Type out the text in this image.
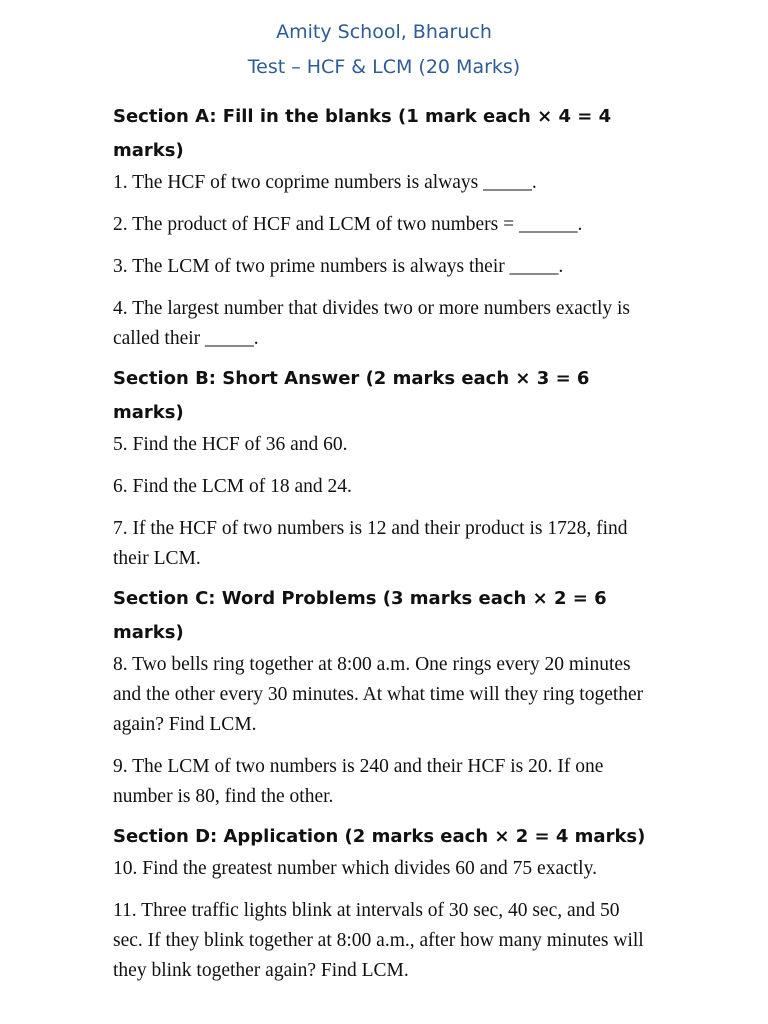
Amity School, Bharuch
Test – HCF & LCM (20 Marks)

Section A: Fill in the blanks (1 mark each × 4 = 4 marks)

1. The HCF of two coprime numbers is always _____.

2. The product of HCF and LCM of two numbers = ______.

3. The LCM of two prime numbers is always their _____.

4. The largest number that divides two or more numbers exactly is called their _____.

Section B: Short Answer (2 marks each × 3 = 6 marks)

5. Find the HCF of 36 and 60.

6. Find the LCM of 18 and 24.

7. If the HCF of two numbers is 12 and their product is 1728, find their LCM.

Section C: Word Problems (3 marks each × 2 = 6 marks)

8. Two bells ring together at 8:00 a.m. One rings every 20 minutes and the other every 30 minutes. At what time will they ring together again? Find LCM.

9. The LCM of two numbers is 240 and their HCF is 20. If one number is 80, find the other.

Section D: Application (2 marks each × 2 = 4 marks)

10. Find the greatest number which divides 60 and 75 exactly.

11. Three traffic lights blink at intervals of 30 sec, 40 sec, and 50 sec. If they blink together at 8:00 a.m., after how many minutes will they blink together again? Find LCM.
